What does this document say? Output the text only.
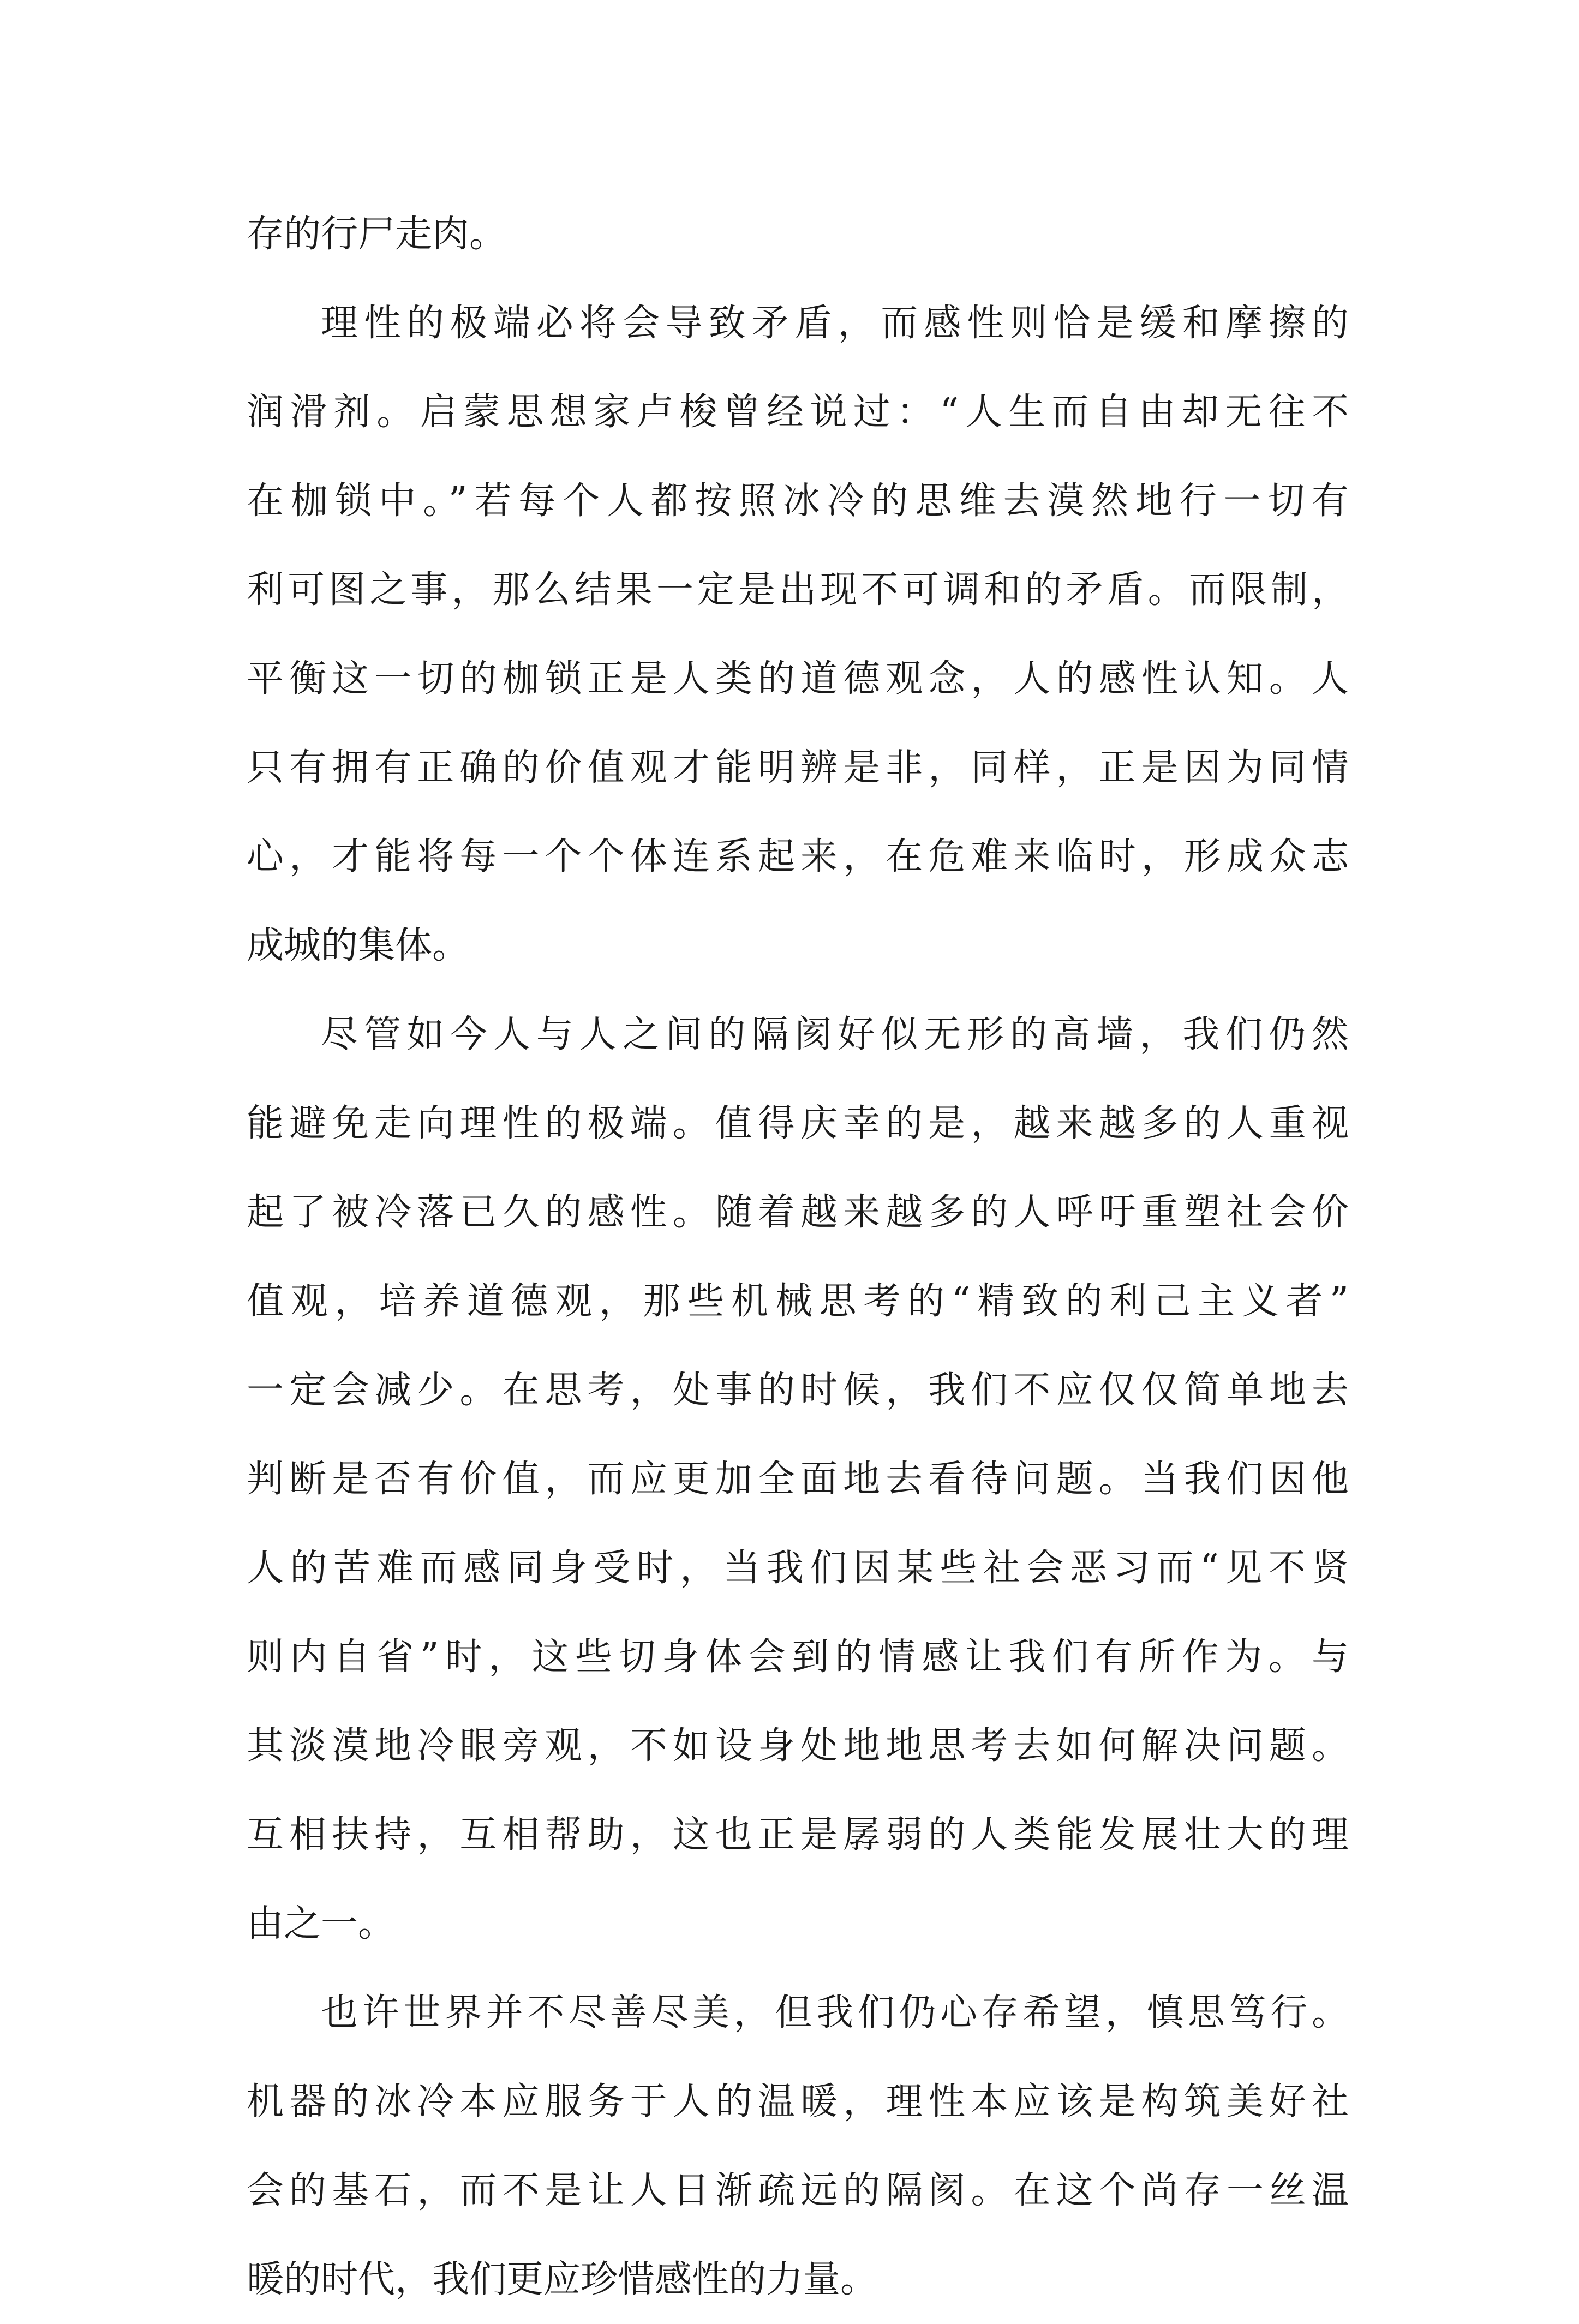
存的行尸走肉。
理性的极端必将会导致矛盾，而感性则恰是缓和摩擦的
润滑剂。启蒙思想家卢梭曾经说过：“人生而自由却无往不
在枷锁中。”若每个人都按照冰冷的思维去漠然地行一切有
利可图之事，那么结果一定是出现不可调和的矛盾。而限制，
平衡这一切的枷锁正是人类的道德观念，人的感性认知。人
只有拥有正确的价值观才能明辨是非，同样，正是因为同情
心，才能将每一个个体连系起来，在危难来临时，形成众志
成城的集体。
尽管如今人与人之间的隔阂好似无形的高墙，我们仍然
能避免走向理性的极端。值得庆幸的是，越来越多的人重视
起了被冷落已久的感性。随着越来越多的人呼吁重塑社会价
值观，培养道德观，那些机械思考的“精致的利己主义者”
一定会减少。在思考，处事的时候，我们不应仅仅简单地去
判断是否有价值，而应更加全面地去看待问题。当我们因他
人的苦难而感同身受时，当我们因某些社会恶习而“见不贤
则内自省”时，这些切身体会到的情感让我们有所作为。与
其淡漠地冷眼旁观，不如设身处地地思考去如何解决问题。
互相扶持，互相帮助，这也正是孱弱的人类能发展壮大的理
由之一。
也许世界并不尽善尽美，但我们仍心存希望，慎思笃行。
机器的冰冷本应服务于人的温暖，理性本应该是构筑美好社
会的基石，而不是让人日渐疏远的隔阂。在这个尚存一丝温
暖的时代，我们更应珍惜感性的力量。
